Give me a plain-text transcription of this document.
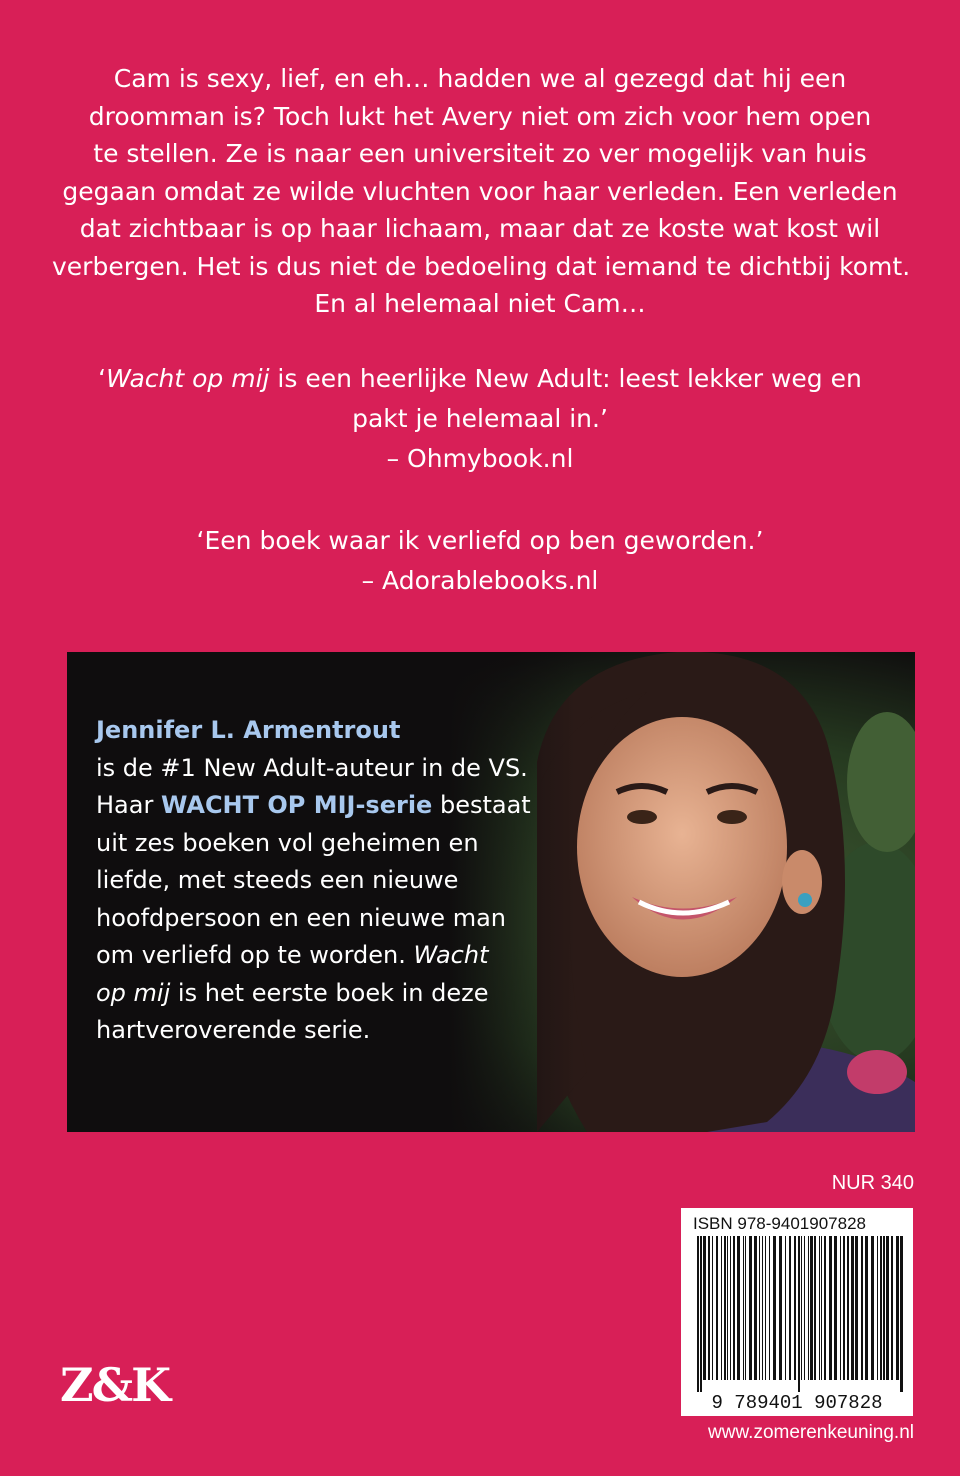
Cam is sexy, lief, en eh… hadden we al gezegd dat hij een
droomman is? Toch lukt het Avery niet om zich voor hem open
te stellen. Ze is naar een universiteit zo ver mogelijk van huis
gegaan omdat ze wilde vluchten voor haar verleden. Een verleden
dat zichtbaar is op haar lichaam, maar dat ze koste wat kost wil
verbergen. Het is dus niet de bedoeling dat iemand te dichtbij komt.
En al helemaal niet Cam…
‘Wacht op mij is een heerlijke New Adult: leest lekker weg en
pakt je helemaal in.’
– Ohmybook.nl
‘Een boek waar ik verliefd op ben geworden.’
– Adorablebooks.nl
Jennifer L. Armentrout
is de #1 New Adult-auteur in de VS.
Haar WACHT OP MIJ-serie bestaat
uit zes boeken vol geheimen en
liefde, met steeds een nieuwe
hoofdpersoon en een nieuwe man
om verliefd op te worden. Wacht
op mij is het eerste boek in deze
hartveroverende serie.
NUR 340
9 789401 907828
ISBN 978-9401907828
www.zomerenkeuning.nl
Z&K
